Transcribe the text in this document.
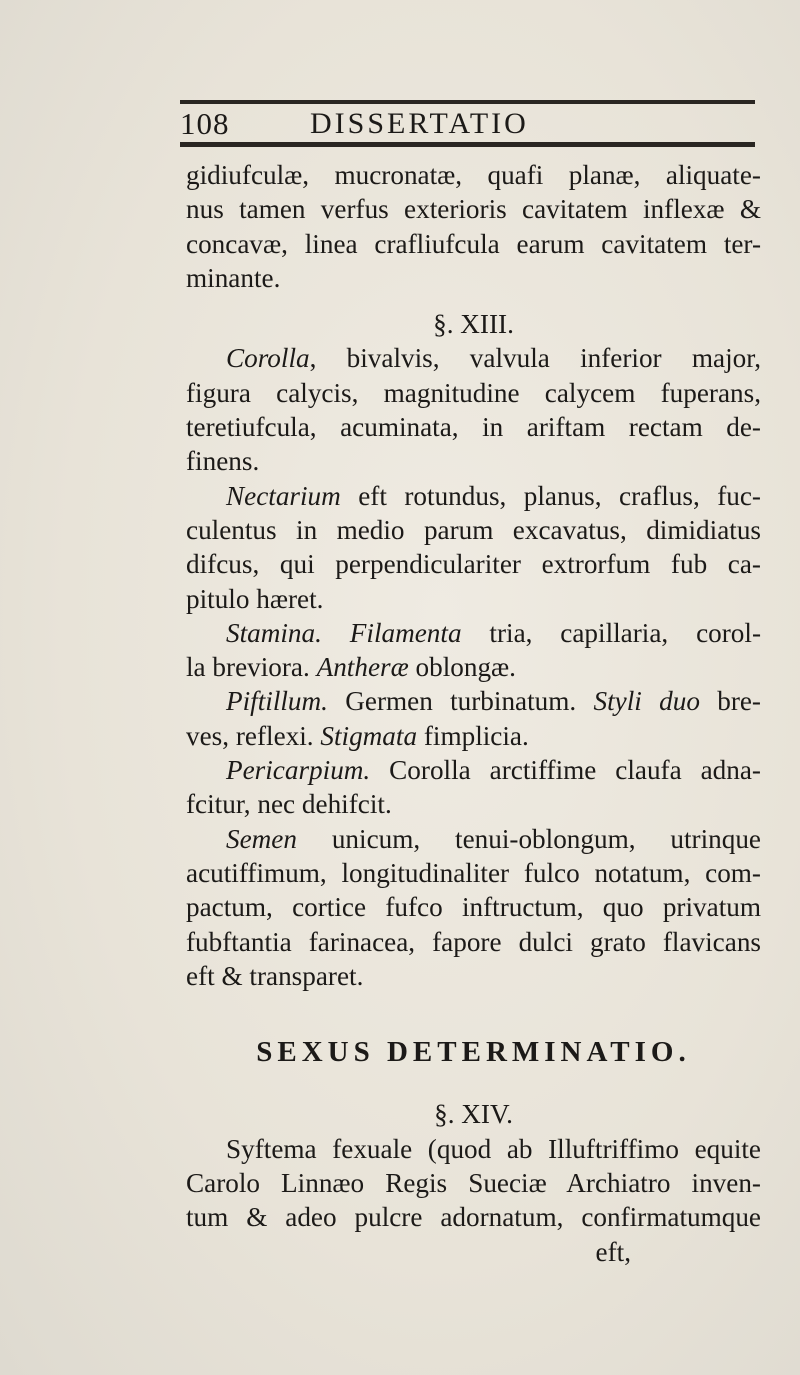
108	DISSERTATIO
gidiufculæ, mucronatæ, quafi planæ, aliquate-
nus tamen verfus exterioris cavitatem inflexæ &
concavæ, linea crafliufcula earum cavitatem ter-
minante.
§. XIII.
Corolla, bivalvis, valvula inferior major,
figura calycis, magnitudine calycem fuperans,
teretiufcula, acuminata, in ariftam rectam de-
finens.
Nectarium eft rotundus, planus, craflus, fuc-
culentus in medio parum excavatus, dimidiatus
difcus, qui perpendiculariter extrorfum fub ca-
pitulo hæret.
Stamina. Filamenta tria, capillaria, corol-
la breviora. Antheræ oblongæ.
Piftillum. Germen turbinatum. Styli duo bre-
ves, reflexi. Stigmata fimplicia.
Pericarpium. Corolla arctiffime claufa adna-
fcitur, nec dehifcit.
Semen unicum, tenui-oblongum, utrinque
acutiffimum, longitudinaliter fulco notatum, com-
pactum, cortice fufco inftructum, quo privatum
fubftantia farinacea, fapore dulci grato flavicans
eft & transparet.
SEXUS DETERMINATIO.
§. XIV.
Syftema fexuale (quod ab Illuftriffimo equite
Carolo Linnæo Regis Sueciæ Archiatro inven-
tum & adeo pulcre adornatum, confirmatumque
eft,
